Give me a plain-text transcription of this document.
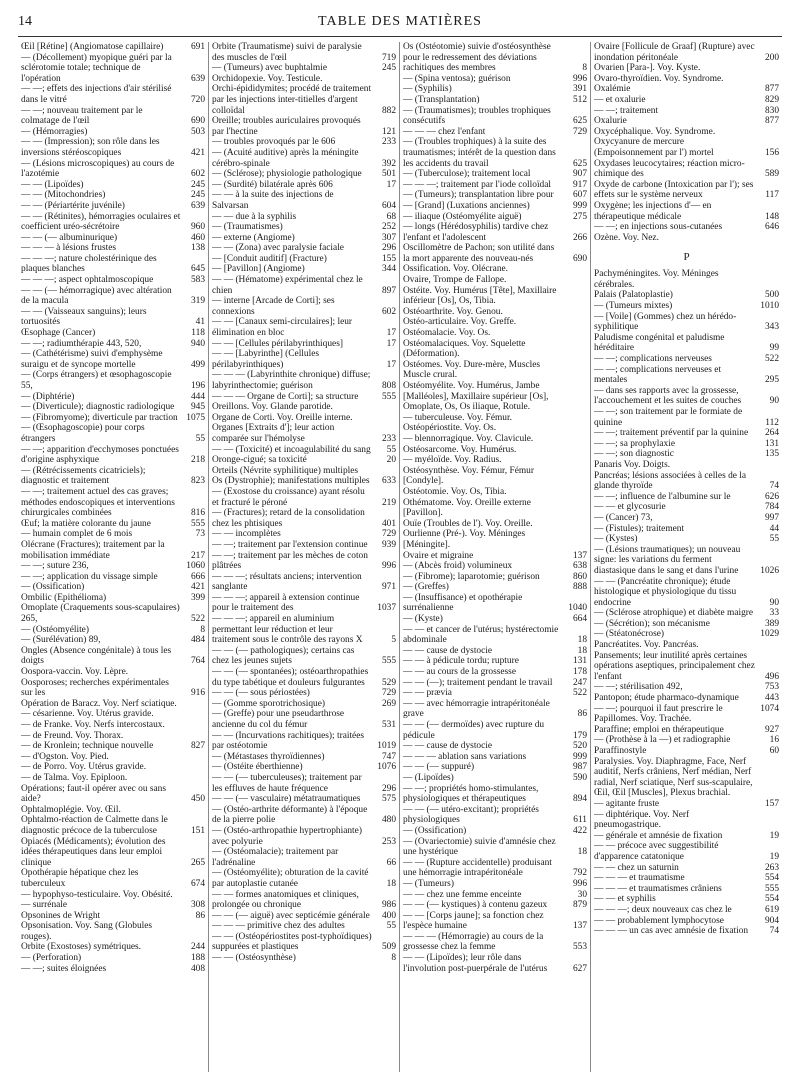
14	TABLE DES MATIÈRES
Œil [Rétine] (Angiomatose capillaire)	691
— (Décollement) myopique guéri par la sclérotomie totale; technique de l'opération	639
— —; effets des injections d'air stérilisé dans le vitré	720
— —; nouveau traitement par le colmatage de l'œil	690
— (Hémorragies)	503
— — (Impression); son rôle dans les inversions stéréoscopiques	421
— (Lésions microscopiques) au cours de l'azotémie	602
— — (Lipoïdes)	245
— — (Mitochondries)	245
— — (Périartérite juvénile)	639
— — (Rétinites), hémorragies oculaires et coefficient uréo-sécrétoire	960
— — (— albuminurique)	460
— — — à lésions frustes	138
— — —; nature cholestérinique des plaques blanches	645
— — —; aspect ophtalmoscopique	583
— — (— hémorragique) avec altération de la macula	319
— — (Vaisseaux sanguins); leurs tortuosités	41
Œsophage (Cancer)	118
— —; radiumthérapie 443, 520,	940
— (Cathétérisme) suivi d'emphysème suraigu et de syncope mortelle	499
— (Corps étrangers) et œsophagoscopie 55,	196
— (Diphtérie)	444
— (Diverticule); diagnostic radiologique	945
— (Fibromyome); diverticule par traction 1075
— (Œsophagoscopie) pour corps étrangers	55
— —; apparition d'ecchymoses ponctuées d'origine asphyxique	218
— (Rétrécissements cicatriciels); diagnostic et traitement	823
— —; traitement actuel des cas graves; méthodes endoscopiques et interventions chirurgicales combinées	816
Œuf; la matière colorante du jaune	555
— humain complet de 6 mois	73
Olécrane (Fractures); traitement par la mobilisation immédiate	217
— —; suture 236,	1060
— —; application du vissage simple	666
— (Ossification)	421
Ombilic (Epithélioma)	399
Omoplate (Craquements sous-scapulaires) 265,	522
— (Ostéomyélite)	8
— (Surélévation) 89,	484
Ongles (Absence congénitale) à tous les doigts	764
Oospora-vaccin. Voy. Lèpre.
Oosporoses; recherches expérimentales sur les	916
Opération de Baracz. Voy. Nerf sciatique.
— césarienne. Voy. Utérus gravide.
— de Franke. Voy. Nerfs intercostaux.
— de Freund. Voy. Thorax.
— de Kronlein; technique nouvelle	827
— d'Ogston. Voy. Pied.
— de Porro. Voy. Utérus gravide.
— de Talma. Voy. Epiploon.
Opérations; faut-il opérer avec ou sans aide?	450
Ophtalmoplégie. Voy. Œil.
Ophtalmo-réaction de Calmette dans le diagnostic précoce de la tuberculose	151
Opiacés (Médicaments); évolution des idées thérapeutiques dans leur emploi clinique	265
Opothérapie hépatique chez les tuberculeux	674
— hypophyso-testiculaire. Voy. Obésité.
— surrénale	308
Opsonines de Wright	86
Opsonisation. Voy. Sang (Globules rouges).
Orbite (Exostoses) symétriques.	244
— (Perforation)	188
— —; suites éloignées	408
Orbite (Traumatisme) suivi de paralysie des muscles de l'œil	719
— (Tumeurs) avec buphtalmie	245
Orchidopexie. Voy. Testicule.
Orchi-épididymites; procédé de traitement par les injections inter-titielles d'argent colloïdal	882
Oreille; troubles auriculaires provoqués par l'hectine	121
— troubles provoqués par le 606	233
— (Acuité auditive) après la méningite cérébro-spinale	392
— (Sclérose); physiologie pathologique	501
— (Surdité) bilatérale après 606	17
— — à la suite des injections de Salvarsan	604
— — due à la syphilis	68
— (Traumatismes)	252
— externe (Angiome)	307
— — (Zona) avec paralysie faciale	296
— [Conduit auditif] (Fracture)	155
— [Pavillon] (Angiome)	344
— — (Hématome) expérimental chez le chien	897
— interne [Arcade de Corti]; ses connexions	602
— — [Canaux semi-circulaires]; leur élimination en bloc	17
— — [Cellules périlabyrinthiques]	17
— — [Labyrinthe] (Cellules périlabyrinthiques)	17
— — — (Labyrinthite chronique) diffuse; labyrinthectomie; guérison	808
— — — Organe de Corti]; sa structure	555
Oreillons. Voy. Glande parotide.
Organe de Corti. Voy. Oreille interne.
Organes [Extraits d']; leur action comparée sur l'hémolyse	233
— — (Toxicité) et incoagulabilité du sang	55
Oronge-cigué; sa toxicité	20
Orteils (Névrite syphilitique) multiples
Os (Dystrophie); manifestations multiples	633
— (Exostose du croissance) ayant résolu et fracturé le péroné	219
— (Fractures); retard de la consolidation chez les phtisiques	401
— — incomplètes	729
— —; traitement par l'extension continue	939
— —; traitement par les mèches de coton plâtrées	996
— — —; résultats anciens; intervention sanglante	971
— — —; appareil à extension continue pour le traitement des	1037
— — —; appareil en aluminium permettant leur réduction et leur traitement sous le contrôle des rayons X	5
— — (— pathologiques); certains cas chez les jeunes sujets	555
— — (— spontanées); ostéoarthropathies du type tabétique et douleurs fulgurantes	529
— — (— sous périostées)	729
— (Gomme sporotrichosique)	269
— (Greffe) pour une pseudarthrose ancienne du col du fémur	531
— — (Incurvations rachitiques); traitées par ostéotomie	1019
— (Métastases thyroïdiennes)	747
— (Ostéite éberthienne)	1076
— — (— tuberculeuses); traitement par les effluves de haute fréquence	296
— — (— vasculaire) métatraumatiques	575
— (Ostéo-arthrite déformante) à l'époque de la pierre polie	480
— (Ostéo-arthropathie hypertrophiante) avec polyurie	253
— (Ostéomalacie); traitement par l'adrénaline	66
— (Ostéomyélite); obturation de la cavité par autoplastie cutanée	18
— — formes anatomiques et cliniques, prolongée ou chronique	986
— — (— aiguë) avec septicémie générale	400
— — — primitive chez des adultes	55
— — (Ostéopériostites post-typhoïdiques) suppurées et plastiques	509
— — (Ostéosynthèse)	8
Os (Ostéotomie) suivie d'ostéosynthèse pour le redressement des déviations rachitiques des membres	8
— (Spina ventosa); guérison	996
— (Syphilis)	391
— (Transplantation)	512
— (Traumatismes); troubles trophiques consécutifs	625
— — — chez l'enfant	729
— (Troubles trophiques) à la suite des traumatismes; intérêt de la question dans les accidents du travail	625
— (Tuberculose); traitement local	907
— — —; traitement par l'iode colloïdal	917
— (Tumeurs); transplantation libre pour	607
— [Grand] (Luxations anciennes)	999
— iliaque (Ostéomyélite aiguë)	275
— longs (Hérédosyphilis) tardive chez l'enfant et l'adolescent	266
Oscillomètre de Pachon; son utilité dans la mort apparente des nouveau-nés	690
Ossification. Voy. Olécrane.
Ovaire, Trompe de Fallope.
Ostéite. Voy. Humérus [Tête], Maxillaire inférieur [Os], Os, Tibia.
Ostéoarthrite. Voy. Genou.
Ostéo-articulaire. Voy. Greffe.
Ostéomalacie. Voy. Os.
Ostéomalaciques. Voy. Squelette (Déformation).
Ostéomes. Voy. Dure-mère, Muscles Muscle crural.
Ostéomyélite. Voy. Humérus, Jambe [Malléoles], Maxillaire supérieur [Os], Omoplate, Os, Os iliaque, Rotule.
— tuberculeuse. Voy. Fémur.
Ostéopériostite. Voy. Os.
— blennorragique. Voy. Clavicule.
Ostéosarcome. Voy. Humérus.
— myéloïde. Voy. Radius.
Ostéosynthèse. Voy. Fémur, Fémur [Condyle].
Ostéotomie. Voy. Os, Tibia.
Othématome. Voy. Oreille externe [Pavillon].
Ouïe (Troubles de l'). Voy. Oreille.
Ourlienne (Pré-). Voy. Méninges [Méningite].
Ovaire et migraine	137
— (Abcès froid) volumineux	638
— (Fibrome); laparotomie; guérison	860
— (Greffes)	888
— (Insuffisance) et opothérapie surrénalienne	1040
— (Kyste)	664
— — et cancer de l'utérus; hystérectomie abdominale	18
— — cause de dystocie	18
— — à pédicule tordu; rupture	131
— — au cours de la grossesse	178
— — (—); traitement pendant le travail	247
— — prævia	522
— — avec hémorragie intrapéritonéale grave	86
— — (— dermoïdes) avec rupture du pédicule	179
— — cause de dystocie	520
— — — ablation sans variations	999
— — (— suppuré)	987
— (Lipoïdes)	590
— —; propriétés homo-stimulantes, physiologiques et thérapeutiques	894
— — (— utéro-excitant); propriétés physiologiques	611
— (Ossification)	422
— (Ovariectomie) suivie d'amnésie chez une hystérique	18
— — (Rupture accidentelle) produisant une hémorragie intrapéritonéale	792
— (Tumeurs)	996
— — chez une femme enceinte	30
— — (— kystiques) à contenu gazeux	879
— — [Corps jaune]; sa fonction chez l'espèce humaine	137
— — — (Hémorragie) au cours de la grossesse chez la femme	553
— — (Lipoïdes); leur rôle dans l'involution post-puerpérale de l'utérus	627
Ovaire [Follicule de Graaf] (Rupture) avec inondation péritonéale	200
Ovarien [Para-]. Voy. Kyste.
Ovaro-thyroïdien. Voy. Syndrome.
Oxalémie	877
— et oxalurie	829
— —; traitement	830
Oxalurie	877
Oxycéphalique. Voy. Syndrome.
Oxycyanure de mercure (Empoisonnement par l') mortel	156
Oxydases leucocytaires; réaction micro-chimique des	589
Oxyde de carbone (Intoxication par l'); ses effets sur le système nerveux	117
Oxygène; les injections d'— en thérapeutique médicale	148
— —; en injections sous-cutanées	646
Ozène. Voy. Nez.
P
Pachyméningites. Voy. Méninges cérébrales.
Palais (Palatoplastie)	500
— (Tumeurs mixtes)	1010
— [Voile] (Gommes) chez un hérédo-syphilitique	343
Paludisme congénital et paludisme héréditaire	99
— —; complications nerveuses	522
— —; complications nerveuses et mentales	295
— dans ses rapports avec la grossesse, l'accouchement et les suites de couches	90
— —; son traitement par le formiate de quinine	112
— —; traitement préventif par la quinine	264
— —; sa prophylaxie	131
— —; son diagnostic	135
Panaris Voy. Doigts.
Pancréas; lésions associées à celles de la glande thyroïde	74
— —; influence de l'albumine sur le	626
— — et glycosurie	784
— (Cancer) 73,	997
— (Fistules); traitement	44
— (Kystes)	55
— (Lésions traumatiques); un nouveau signe: les variations du ferment diastasique dans le sang et dans l'urine	1026
— — (Pancréatite chronique); étude histologique et physiologique du tissu endocrine	90
— (Sclérose atrophique) et diabète maigre	33
— (Sécrétion); son mécanisme	389
— (Stéatonécrose)	1029
Pancréatites. Voy. Pancréas.
Pansements; leur inutilité après certaines opérations aseptiques, principalement chez l'enfant	496
— —; stérilisation 492,	753
Pantopon; étude pharmaco-dynamique	443
— —; pourquoi il faut prescrire le	1074
Papillomes. Voy. Trachée.
Paraffine; emploi en thérapeutique	927
— (Prothèse à la —) et radiographie	16
Paraffinostyle	60
Paralysies. Voy. Diaphragme, Face, Nerf auditif, Nerfs crâniens, Nerf médian, Nerf radial, Nerf sciatique, Nerf sus-scapulaire, Œil, Œil [Muscles], Plexus brachial.
— agitante fruste	157
— diphtérique. Voy. Nerf pneumogastrique.
— générale et amnésie de fixation	19
— — précoce avec suggestibilité d'apparence catatonique	19
— — chez un saturnin	263
— — — et traumatisme	554
— — — et traumatismes crâniens	555
— — et syphilis	554
— — —; deux nouveaux cas chez le	619
— — probablement lymphocytose	904
— — — un cas avec amnésie de fixation	74
